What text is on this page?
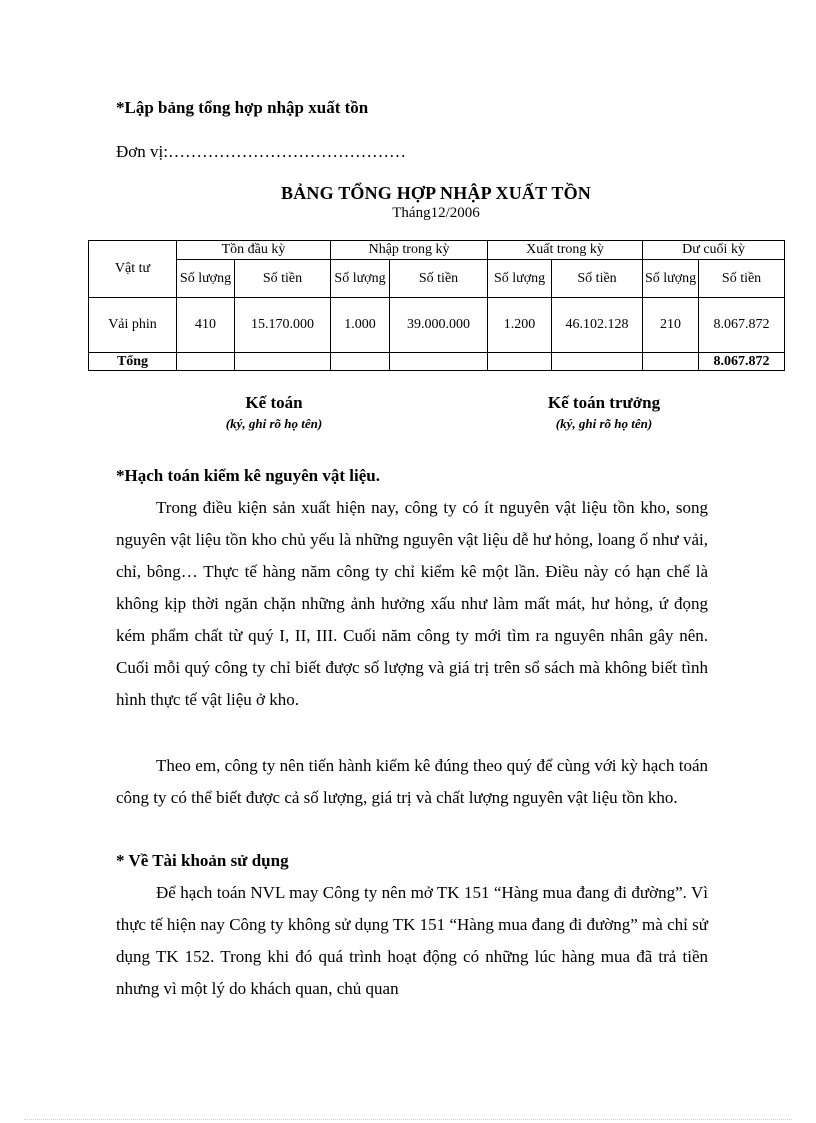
*Lập bảng tổng hợp nhập xuất tồn
Đơn vị:……………………………………
BẢNG TỔNG HỢP NHẬP XUẤT TỒN
Tháng12/2006
Vật tư	Tồn đầu kỳ		Nhập trong kỳ		Xuất trong kỳ		Dư cuối kỳ	
	Số lượng	Số tiền	Số lượng	Số tiền	Số lượng	Số tiền	Số lượng	Số tiền
Vải phin	410	15.170.000	1.000	39.000.000	1.200	46.102.128	210	8.067.872
Tổng								8.067.872
Kế toán
(ký, ghi rõ họ tên)
Kế toán trưởng
(ký, ghi rõ họ tên)
*Hạch toán kiểm kê nguyên vật liệu.

Trong điều kiện sản xuất hiện nay, công ty có ít nguyên vật liệu tồn kho, song nguyên vật liệu tồn kho chủ yếu là những nguyên vật liệu dễ hư hỏng, loang ố như vải, chỉ, bông… Thực tế hàng năm công ty chỉ kiểm kê một lần. Điều này có hạn chế là không kịp thời ngăn chặn những ảnh hưởng xấu như làm mất mát, hư hỏng, ứ đọng kém phẩm chất từ quý I, II, III. Cuối năm công ty mới tìm ra nguyên nhân gây nên. Cuối mỗi quý công ty chỉ biết được số lượng và giá trị trên sổ sách mà không biết tình hình thực tế vật liệu ở kho.

Theo em, công ty nên tiến hành kiểm kê đúng theo quý để cùng với kỳ hạch toán công ty có thể biết được cả số lượng, giá trị và chất lượng nguyên vật liệu tồn kho.

* Về Tài khoản sử dụng

Để hạch toán NVL may Công ty nên mở TK 151 “Hàng mua đang đi đường”. Vì thực tế hiện nay Công ty không sử dụng TK 151 “Hàng mua đang đi đường” mà chỉ sử dụng TK 152. Trong khi đó quá trình hoạt động có những lúc hàng mua đã trả tiền nhưng vì một lý do khách quan, chủ quan
